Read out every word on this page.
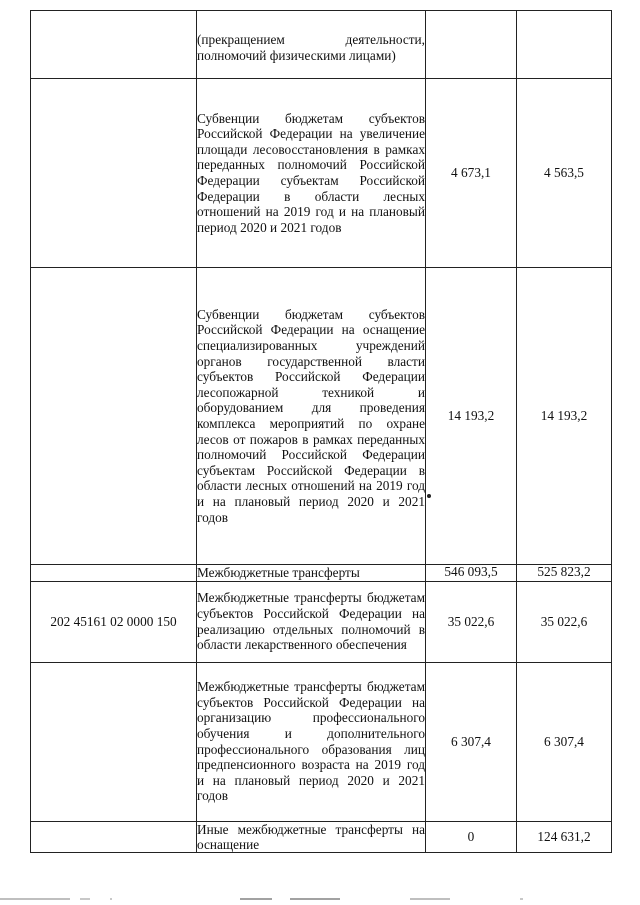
	(прекращением деятельности, полномочий физическими лицами)		
	Субвенции бюджетам субъектов Российской Федерации на увеличение площади лесовосстановления в рамках переданных полномочий Российской Федерации субъектам Российской Федерации в области лесных отношений на 2019 год и на плановый период 2020 и 2021 годов	4 673,1	4 563,5
	Субвенции бюджетам субъектов Российской Федерации на оснащение специализированных учреждений органов государственной власти субъектов Российской Федерации лесопожарной техникой и оборудованием для проведения комплекса мероприятий по охране лесов от пожаров в рамках переданных полномочий Российской Федерации субъектам Российской Федерации в области лесных отношений на 2019 год и на плановый период 2020 и 2021 годов	14 193,2	14 193,2
	Межбюджетные трансферты	546 093,5	525 823,2
202 45161 02 0000 150	Межбюджетные трансферты бюджетам субъектов Российской Федерации на реализацию отдельных полномочий в области лекарственного обеспечения	35 022,6	35 022,6
	Межбюджетные трансферты бюджетам субъектов Российской Федерации на организацию профессионального обучения и дополнительного профессионального образования лиц предпенсионного возраста на 2019 год и на плановый период 2020 и 2021 годов	6 307,4	6 307,4
	Иные межбюджетные трансферты на оснащение	0	124 631,2
